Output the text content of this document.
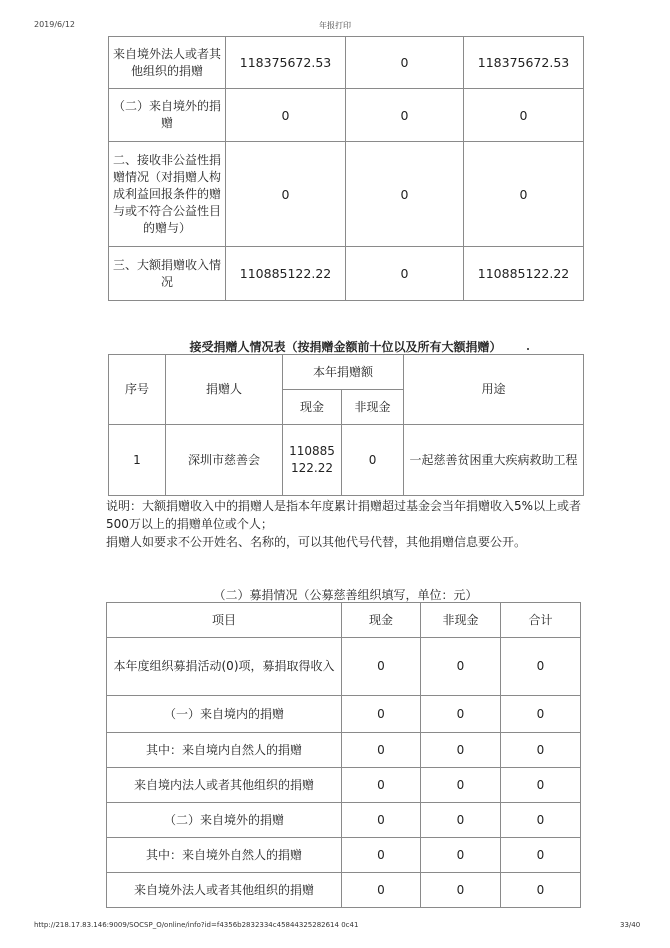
2019/6/12	年报打印
来自境外法人或者其他组织的捐赠	118375672.53	0	118375672.53
（二）来自境外的捐赠	0	0	0
二、接收非公益性捐赠情况（对捐赠人构成利益回报条件的赠与或不符合公益性目的赠与）	0	0	0
三、大额捐赠收入情况	110885122.22	0	110885122.22
接受捐赠人情况表（按捐赠金额前十位以及所有大额捐赠）
序号	捐赠人	本年捐赠额		用途
		现金	非现金	
1	深圳市慈善会	110885122.22	0	一起慈善贫困重大疾病救助工程

说明：大额捐赠收入中的捐赠人是指本年度累计捐赠超过基金会当年捐赠收入5%以上或者500万以上的捐赠单位或个人；

捐赠人如要求不公开姓名、名称的，可以其他代号代替，其他捐赠信息要公开。

（二）募捐情况（公募慈善组织填写，单位：元）
项目	现金	非现金	合计
本年度组织募捐活动(0)项，募捐取得收入	0	0	0
（一）来自境内的捐赠	0	0	0
其中：来自境内自然人的捐赠	0	0	0
来自境内法人或者其他组织的捐赠	0	0	0
（二）来自境外的捐赠	0	0	0
其中：来自境外自然人的捐赠	0	0	0
来自境外法人或者其他组织的捐赠	0	0	0
http://218.17.83.146:9009/SOCSP_O/online/info?id=f4356b2832334c45844325282614 0c41	33/40
